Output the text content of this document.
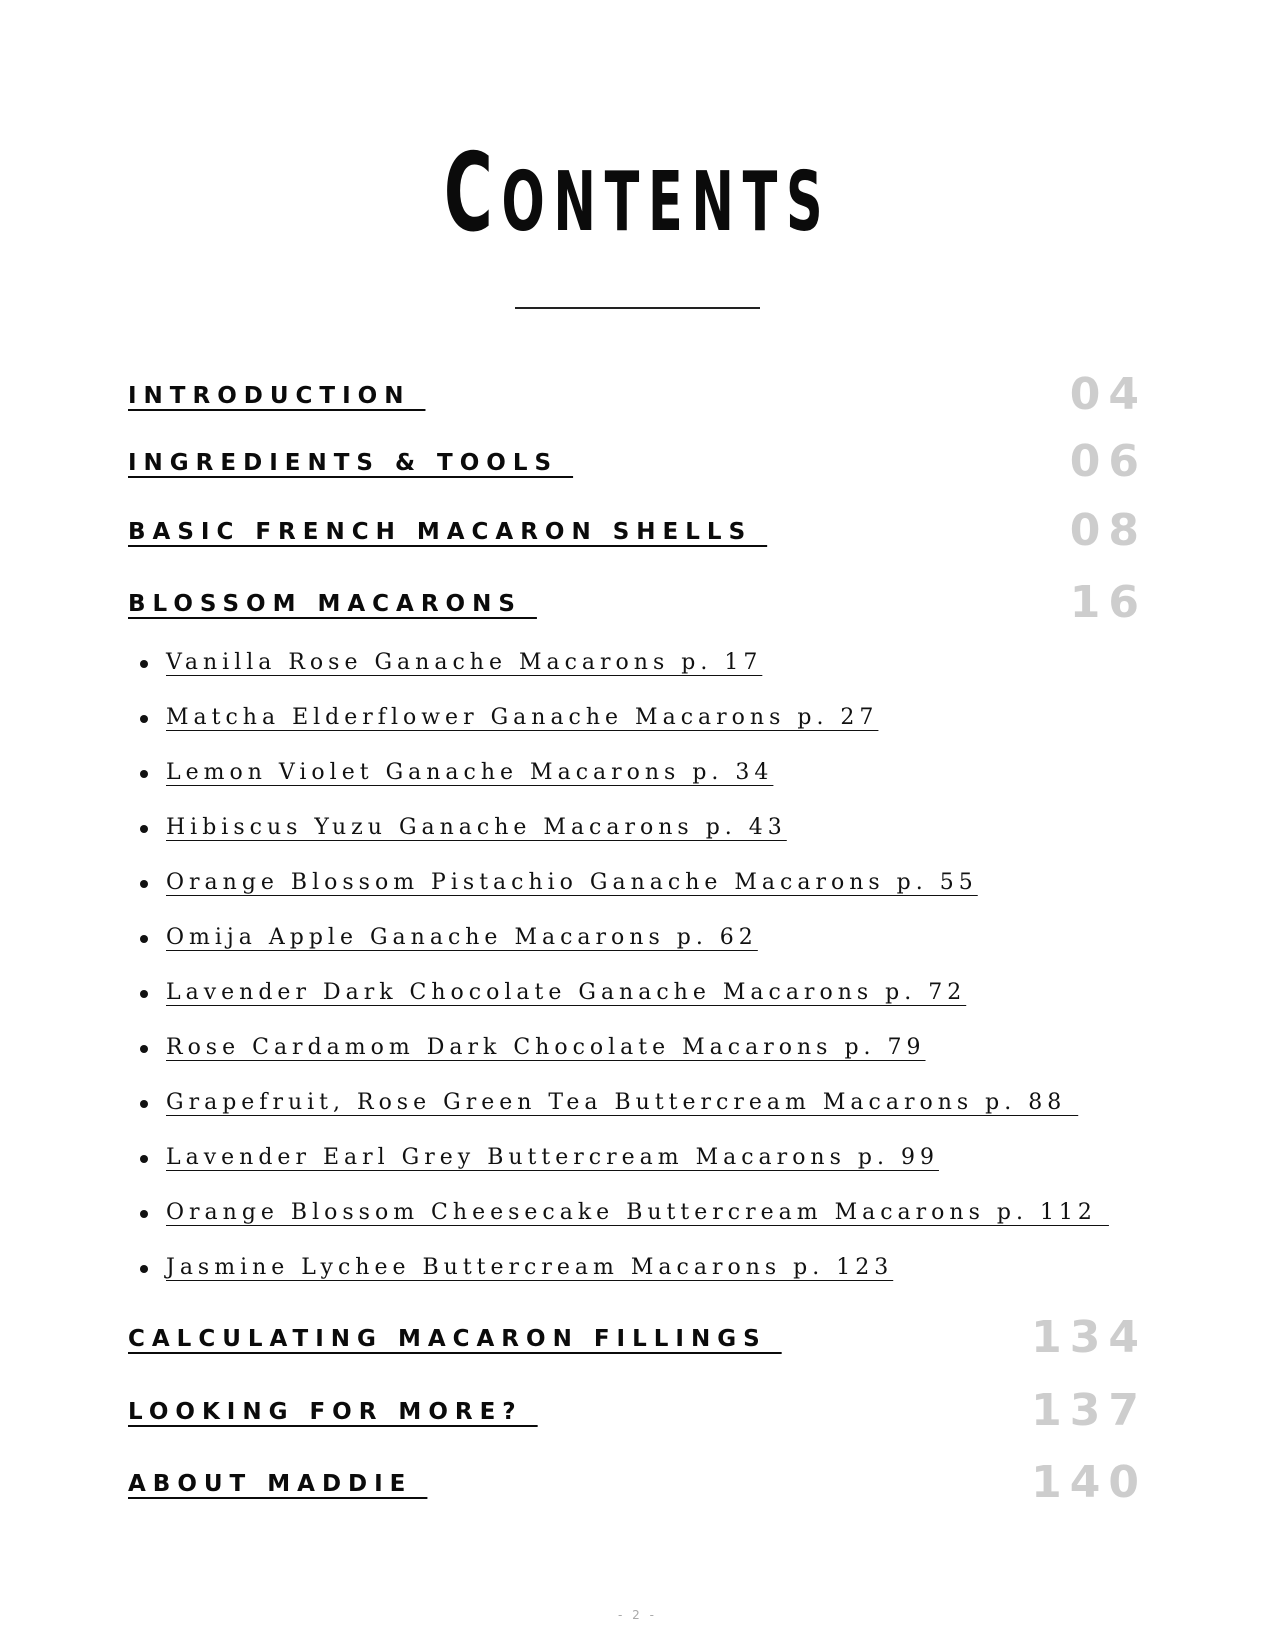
CONTENTS
INTRODUCTION	04
INGREDIENTS & TOOLS	06
BASIC FRENCH MACARON SHELLS	08
BLOSSOM MACARONS	16
Vanilla Rose Ganache Macarons p. 17
Matcha Elderflower Ganache Macarons p. 27
Lemon Violet Ganache Macarons p. 34
Hibiscus Yuzu Ganache Macarons p. 43
Orange Blossom Pistachio Ganache Macarons p. 55
Omija Apple Ganache Macarons p. 62
Lavender Dark Chocolate Ganache Macarons p. 72
Rose Cardamom Dark Chocolate Macarons p. 79
Grapefruit, Rose Green Tea Buttercream Macarons p. 88
Lavender Earl Grey Buttercream Macarons p. 99
Orange Blossom Cheesecake Buttercream Macarons p. 112
Jasmine Lychee Buttercream Macarons p. 123
CALCULATING MACARON FILLINGS	134
LOOKING FOR MORE?	137
ABOUT MADDIE	140
- 2 -
